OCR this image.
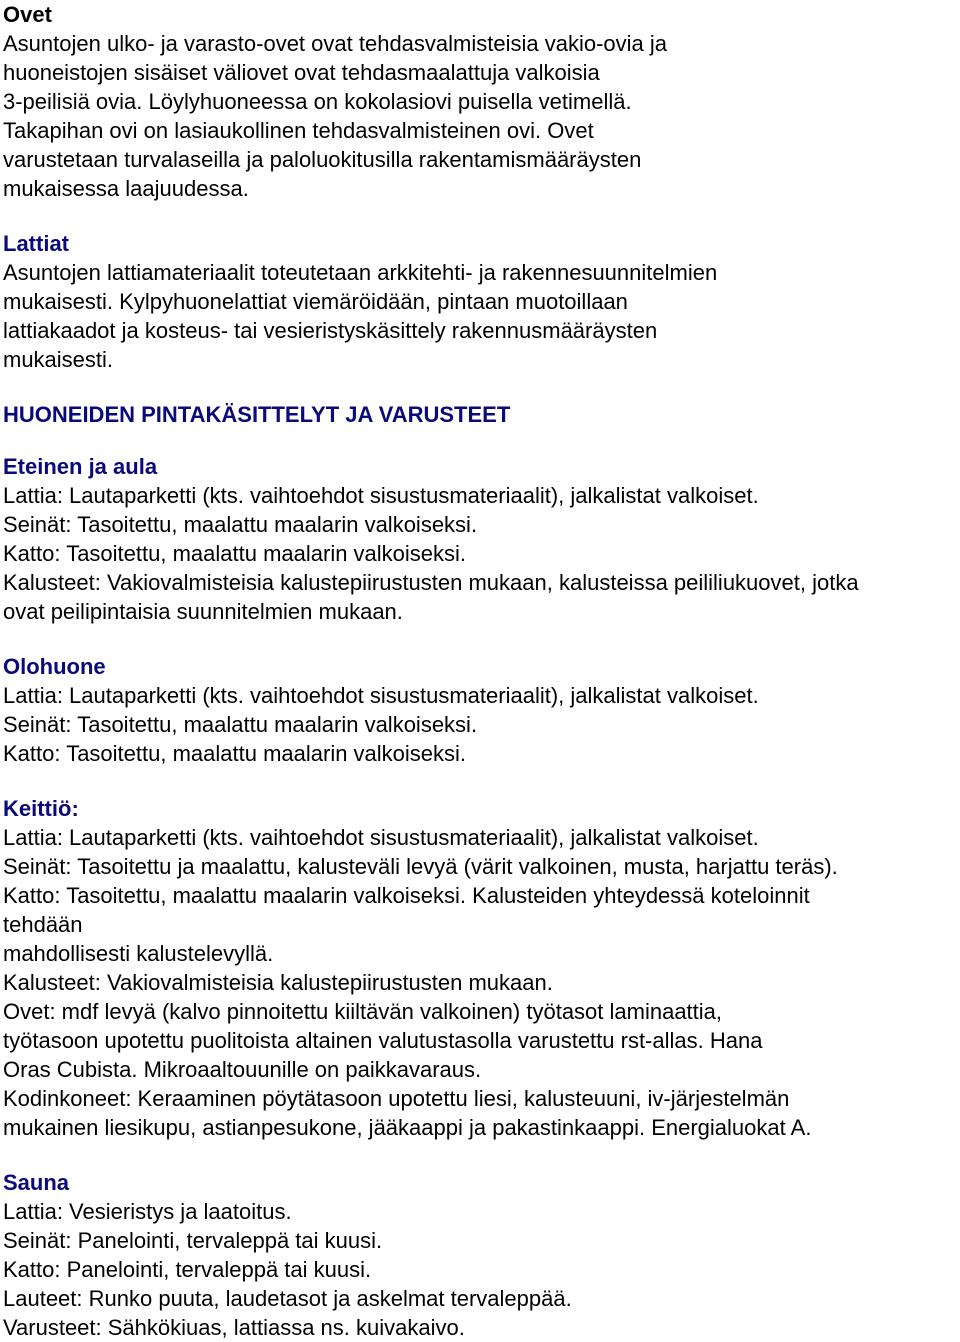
Ovet
Asuntojen ulko- ja varasto-ovet ovat tehdasvalmisteisia vakio-ovia ja
huoneistojen sisäiset väliovet ovat tehdasmaalattuja valkoisia
3-peilisiä ovia. Löylyhuoneessa on kokolasiovi puisella vetimellä.
Takapihan ovi on lasiaukollinen tehdasvalmisteinen ovi. Ovet
varustetaan turvalaseilla ja paloluokitusilla rakentamismääräysten
mukaisessa laajuudessa.
Lattiat
Asuntojen lattiamateriaalit toteutetaan arkkitehti- ja rakennesuunnitelmien
mukaisesti. Kylpyhuonelattiat viemäröidään, pintaan muotoillaan
lattiakaadot ja kosteus- tai vesieristyskäsittely rakennusmääräysten
mukaisesti.
HUONEIDEN PINTAKÄSITTELYT JA VARUSTEET
Eteinen ja aula
Lattia: Lautaparketti (kts. vaihtoehdot sisustusmateriaalit), jalkalistat valkoiset.
Seinät: Tasoitettu, maalattu maalarin valkoiseksi.
Katto: Tasoitettu, maalattu maalarin valkoiseksi.
Kalusteet: Vakiovalmisteisia kalustepiirustusten mukaan, kalusteissa peililiukuovet, jotka
ovat peilipintaisia suunnitelmien mukaan.
Olohuone
Lattia: Lautaparketti (kts. vaihtoehdot sisustusmateriaalit), jalkalistat valkoiset.
Seinät: Tasoitettu, maalattu maalarin valkoiseksi.
Katto: Tasoitettu, maalattu maalarin valkoiseksi.
Keittiö:
Lattia: Lautaparketti (kts. vaihtoehdot sisustusmateriaalit), jalkalistat valkoiset.
Seinät: Tasoitettu ja maalattu, kalusteväli levyä (värit valkoinen, musta, harjattu teräs).
Katto: Tasoitettu, maalattu maalarin valkoiseksi. Kalusteiden yhteydessä koteloinnit
tehdään
mahdollisesti kalustelevyllä.
Kalusteet: Vakiovalmisteisia kalustepiirustusten mukaan.
Ovet: mdf levyä (kalvo pinnoitettu kiiltävän valkoinen) työtasot laminaattia,
työtasoon upotettu puolitoista altainen valutustasolla varustettu rst-allas. Hana
Oras Cubista. Mikroaaltouunille on paikkavaraus.
Kodinkoneet: Keraaminen pöytätasoon upotettu liesi, kalusteuuni, iv-järjestelmän
mukainen liesikupu, astianpesukone, jääkaappi ja pakastinkaappi. Energialuokat A.
Sauna
Lattia: Vesieristys ja laatoitus.
Seinät: Panelointi, tervaleppä tai kuusi.
Katto: Panelointi, tervaleppä tai kuusi.
Lauteet: Runko puuta, laudetasot ja askelmat tervaleppää.
Varusteet: Sähkökiuas, lattiassa ns. kuivakaivo.
